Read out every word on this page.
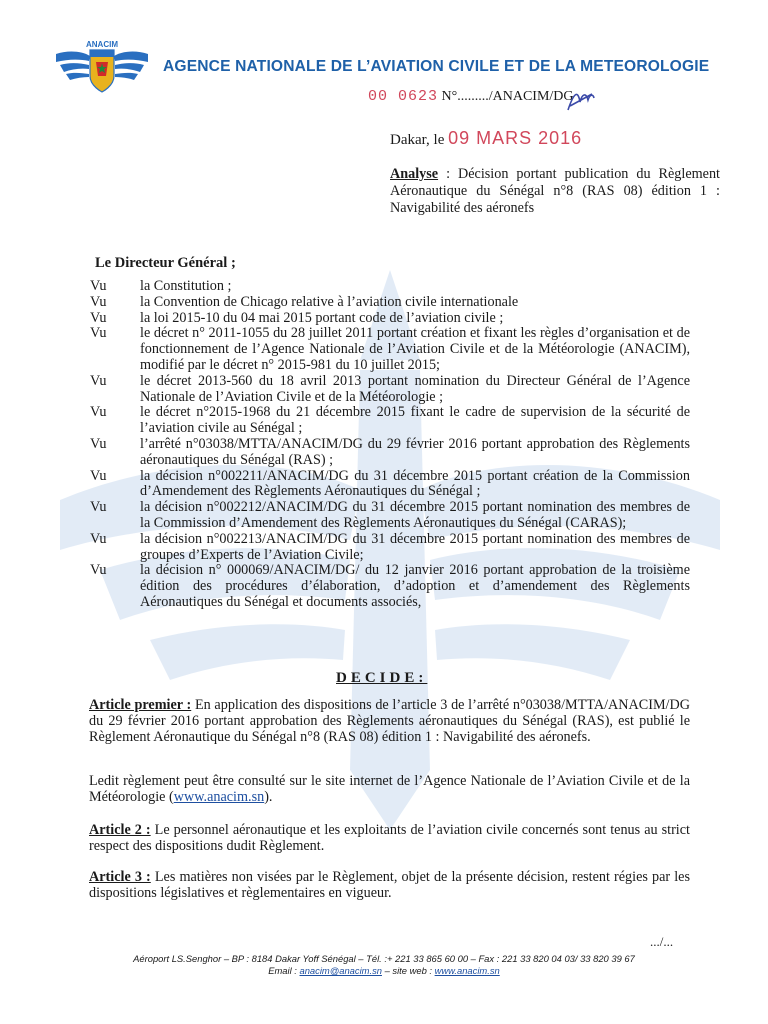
ANACIM
AGENCE NATIONALE DE L’AVIATION CIVILE ET DE LA METEOROLOGIE
00 0623 N°........./ANACIM/DG
Dakar, le 09 MARS 2016
Analyse : Décision portant publication du Règlement Aéronautique du Sénégal n°8 (RAS 08) édition 1 : Navigabilité des aéronefs
Le Directeur Général ;
Vu	la Constitution ;
Vu	la Convention de Chicago relative à l’aviation civile internationale
Vu	la loi 2015-10 du 04 mai 2015 portant code de l’aviation civile ;
Vu	le décret n° 2011-1055 du 28 juillet 2011 portant création et fixant les règles d’organisation et de fonctionnement de l’Agence Nationale de l’Aviation Civile et de la Météorologie (ANACIM), modifié par le décret n° 2015-981 du 10 juillet 2015;
Vu	le décret 2013-560 du 18 avril 2013 portant nomination du Directeur Général de l’Agence Nationale de l’Aviation Civile et de la Météorologie ;
Vu	le décret n°2015-1968 du 21 décembre 2015 fixant le cadre de supervision de la sécurité de l’aviation civile au Sénégal ;
Vu	l’arrêté n°03038/MTTA/ANACIM/DG du 29 février 2016 portant approbation des Règlements aéronautiques du Sénégal (RAS) ;
Vu	la décision n°002211/ANACIM/DG du 31 décembre 2015 portant création de la Commission d’Amendement des Règlements Aéronautiques du Sénégal ;
Vu	la décision n°002212/ANACIM/DG du 31 décembre 2015 portant nomination des membres de la Commission d’Amendement des Règlements Aéronautiques du Sénégal (CARAS);
Vu	la décision n°002213/ANACIM/DG du 31 décembre 2015 portant nomination des membres de groupes d’Experts de l’Aviation Civile;
Vu	la décision n° 000069/ANACIM/DG/ du 12 janvier 2016 portant approbation de la troisième édition des procédures d’élaboration, d’adoption et d’amendement des Règlements Aéronautiques du Sénégal et documents associés,
DECIDE:
Article premier : En application des dispositions de l’article 3 de l’arrêté n°03038/MTTA/ANACIM/DG du 29 février 2016 portant approbation des Règlements aéronautiques du Sénégal (RAS), est publié le Règlement Aéronautique du Sénégal n°8 (RAS 08) édition 1 : Navigabilité des aéronefs.
Ledit règlement peut être consulté sur le site internet de l’Agence Nationale de l’Aviation Civile et de la Météorologie (www.anacim.sn).
Article 2 : Le personnel aéronautique et les exploitants de l’aviation civile concernés sont tenus au strict respect des dispositions dudit Règlement.
Article 3 : Les matières non visées par le Règlement, objet de la présente décision, restent régies par les dispositions législatives et règlementaires en vigueur.
.../...
Aéroport LS.Senghor – BP : 8184 Dakar Yoff Sénégal – Tél. :+ 221 33 865 60 00 – Fax : 221 33 820 04 03/ 33 820 39 67
Email : anacim@anacim.sn – site web : www.anacim.sn
